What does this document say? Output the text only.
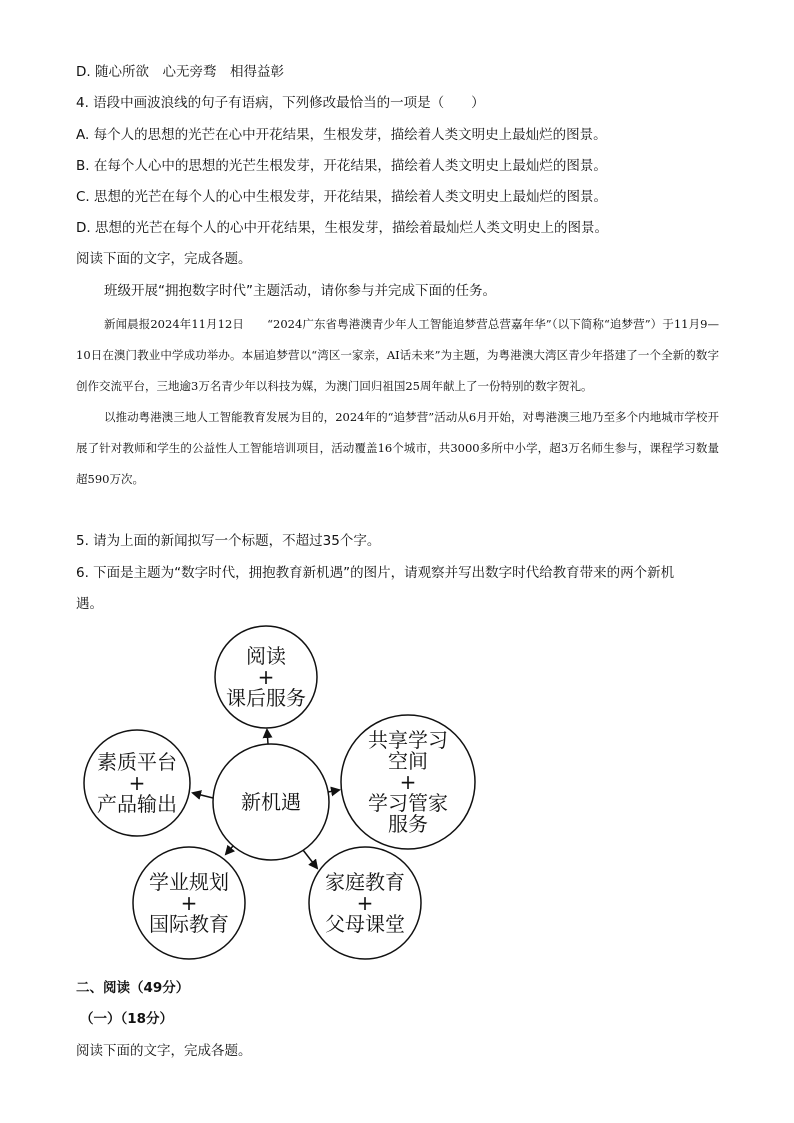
D. 随心所欲　心无旁骛　相得益彰
4. 语段中画波浪线的句子有语病，下列修改最恰当的一项是（　　）
A. 每个人的思想的光芒在心中开花结果，生根发芽，描绘着人类文明史上最灿烂的图景。
B. 在每个人心中的思想的光芒生根发芽，开花结果，描绘着人类文明史上最灿烂的图景。
C. 思想的光芒在每个人的心中生根发芽，开花结果，描绘着人类文明史上最灿烂的图景。
D. 思想的光芒在每个人的心中开花结果，生根发芽，描绘着最灿烂人类文明史上的图景。
阅读下面的文字，完成各题。
班级开展“拥抱数字时代”主题活动，请你参与并完成下面的任务。

新闻晨报2024年11月12日　　“2024广东省粤港澳青少年人工智能追梦营总营嘉年华”（以下简称“追梦营”）于11月9—10日在澳门教业中学成功举办。本届追梦营以“湾区一家亲，AI话未来”为主题，为粤港澳大湾区青少年搭建了一个全新的数字创作交流平台，三地逾3万名青少年以科技为媒，为澳门回归祖国25周年献上了一份特别的数字贺礼。

以推动粤港澳三地人工智能教育发展为目的，2024年的“追梦营”活动从6月开始，对粤港澳三地乃至多个内地城市学校开展了针对教师和学生的公益性人工智能培训项目，活动覆盖16个城市，共3000多所中小学，超3万名师生参与，课程学习数量超590万次。

5. 请为上面的新闻拟写一个标题，不超过35个字。
6. 下面是主题为“数字时代，拥抱教育新机遇”的图片，请观察并写出数字时代给教育带来的两个新机
遇。
阅读
+
课后服务
素质平台
+
产品输出
共享学习
空间
+
学习管家
服务
学业规划
+
国际教育
家庭教育
+
父母课堂
新机遇
二、阅读（49分）
（一）（18分）
阅读下面的文字，完成各题。
